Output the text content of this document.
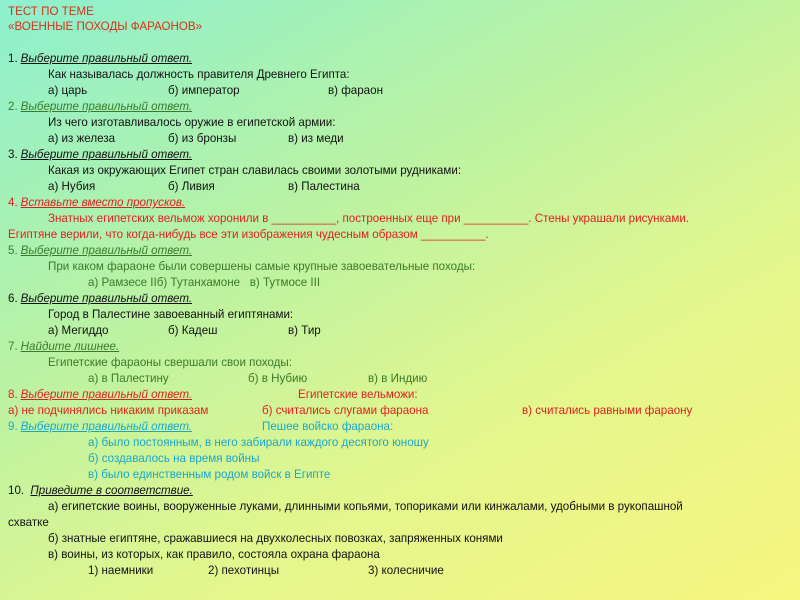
ТЕСТ ПО ТЕМЕ
«ВОЕННЫЕ ПОХОДЫ ФАРАОНОВ»
1. Выберите правильный ответ.
Как называлась должность правителя Древнего Египта:
а) царь	б) император	в) фараон
2. Выберите правильный ответ.
Из чего изготавливалось оружие в египетской армии:
а) из железа	б) из бронзы	в) из меди
3. Выберите правильный ответ.
Какая из окружающих Египет стран славилась своими золотыми рудниками:
а) Нубия	б) Ливия	в) Палестина
4. Вставьте вместо пропусков.
Знатных египетских вельмож хоронили в __________, построенных еще при __________. Стены украшали рисунками.
Египтяне верили, что когда-нибудь все эти изображения чудесным образом __________.
5. Выберите правильный ответ.
При каком фараоне были совершены самые крупные завоевательные походы:
а) Рамзесе IIб) Тутанхамоне   в) Тутмосе III
6. Выберите правильный ответ.
Город в Палестине завоеванный египтянами:
а) Мегиддо	б) Кадеш	в) Тир
7. Найдите лишнее.
Египетские фараоны свершали свои походы:
а) в Палестину	б) в Нубию	в) в Индию
8. Выберите правильный ответ.	Египетские вельможи:
а) не подчинялись никаким приказам	б) считались слугами фараона	в) считались равными фараону
9. Выберите правильный ответ.	Пешее войско фараона:
а) было постоянным, в него забирали каждого десятого юношу
б) создавалось на время войны
в) было единственным родом войск в Египте
10. Приведите в соответствие.
а) египетские воины, вооруженные луками, длинными копьями, топориками или кинжалами, удобными в рукопашной
схватке
б) знатные египтяне, сражавшиеся на двухколесных повозках, запряженных конями
в) воины, из которых, как правило, состояла охрана фараона
1) наемники	2) пехотинцы	3) колесничие
